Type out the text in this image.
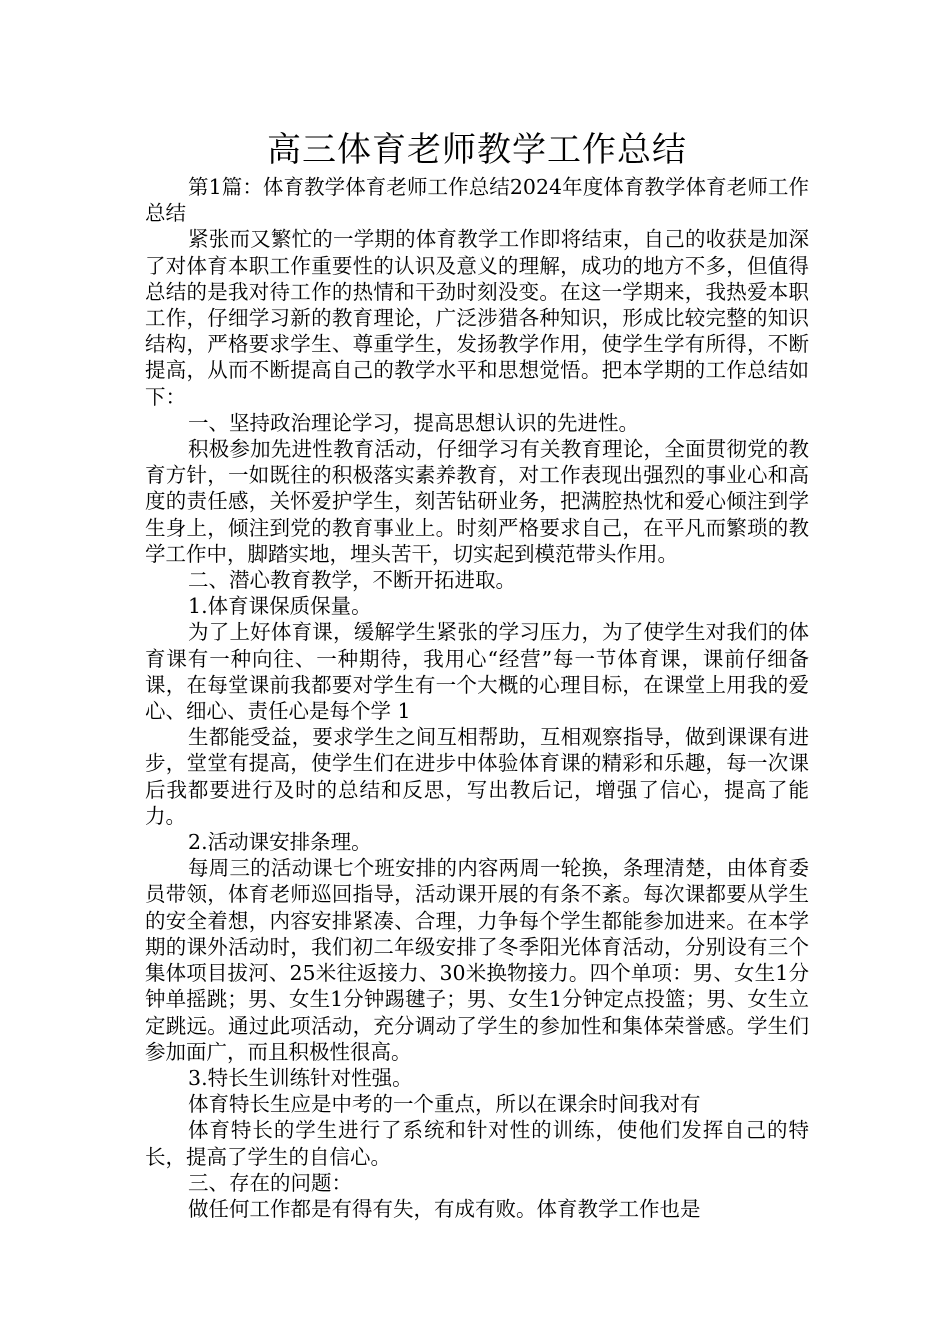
高三体育老师教学工作总结

第1篇：体育教学体育老师工作总结2024年度体育教学体育老师工作总结

紧张而又繁忙的一学期的体育教学工作即将结束，自己的收获是加深了对体育本职工作重要性的认识及意义的理解，成功的地方不多，但值得总结的是我对待工作的热情和干劲时刻没变。在这一学期来，我热爱本职工作，仔细学习新的教育理论，广泛涉猎各种知识，形成比较完整的知识结构，严格要求学生、尊重学生，发扬教学作用，使学生学有所得，不断提高，从而不断提高自己的教学水平和思想觉悟。把本学期的工作总结如下：

一、坚持政治理论学习，提高思想认识的先进性。

积极参加先进性教育活动，仔细学习有关教育理论，全面贯彻党的教育方针，一如既往的积极落实素养教育，对工作表现出强烈的事业心和高度的责任感，关怀爱护学生，刻苦钻研业务，把满腔热忱和爱心倾注到学生身上，倾注到党的教育事业上。时刻严格要求自己，在平凡而繁琐的教学工作中，脚踏实地，埋头苦干，切实起到模范带头作用。

二、潜心教育教学，不断开拓进取。

1.体育课保质保量。

为了上好体育课，缓解学生紧张的学习压力，为了使学生对我们的体育课有一种向往、一种期待，我用心“经营”每一节体育课，课前仔细备课，在每堂课前我都要对学生有一个大概的心理目标，在课堂上用我的爱心、细心、责任心是每个学 1

生都能受益，要求学生之间互相帮助，互相观察指导，做到课课有进步，堂堂有提高，使学生们在进步中体验体育课的精彩和乐趣，每一次课后我都要进行及时的总结和反思，写出教后记，增强了信心，提高了能力。

2.活动课安排条理。

每周三的活动课七个班安排的内容两周一轮换，条理清楚，由体育委员带领，体育老师巡回指导，活动课开展的有条不紊。每次课都要从学生的安全着想，内容安排紧凑、合理，力争每个学生都能参加进来。在本学期的课外活动时，我们初二年级安排了冬季阳光体育活动，分别设有三个集体项目拔河、25米往返接力、30米换物接力。四个单项：男、女生1分钟单摇跳；男、女生1分钟踢毽子；男、女生1分钟定点投篮；男、女生立定跳远。通过此项活动，充分调动了学生的参加性和集体荣誉感。学生们参加面广，而且积极性很高。

3.特长生训练针对性强。

体育特长生应是中考的一个重点，所以在课余时间我对有

体育特长的学生进行了系统和针对性的训练，使他们发挥自己的特长，提高了学生的自信心。

三、存在的问题：

做任何工作都是有得有失，有成有败。体育教学工作也是
